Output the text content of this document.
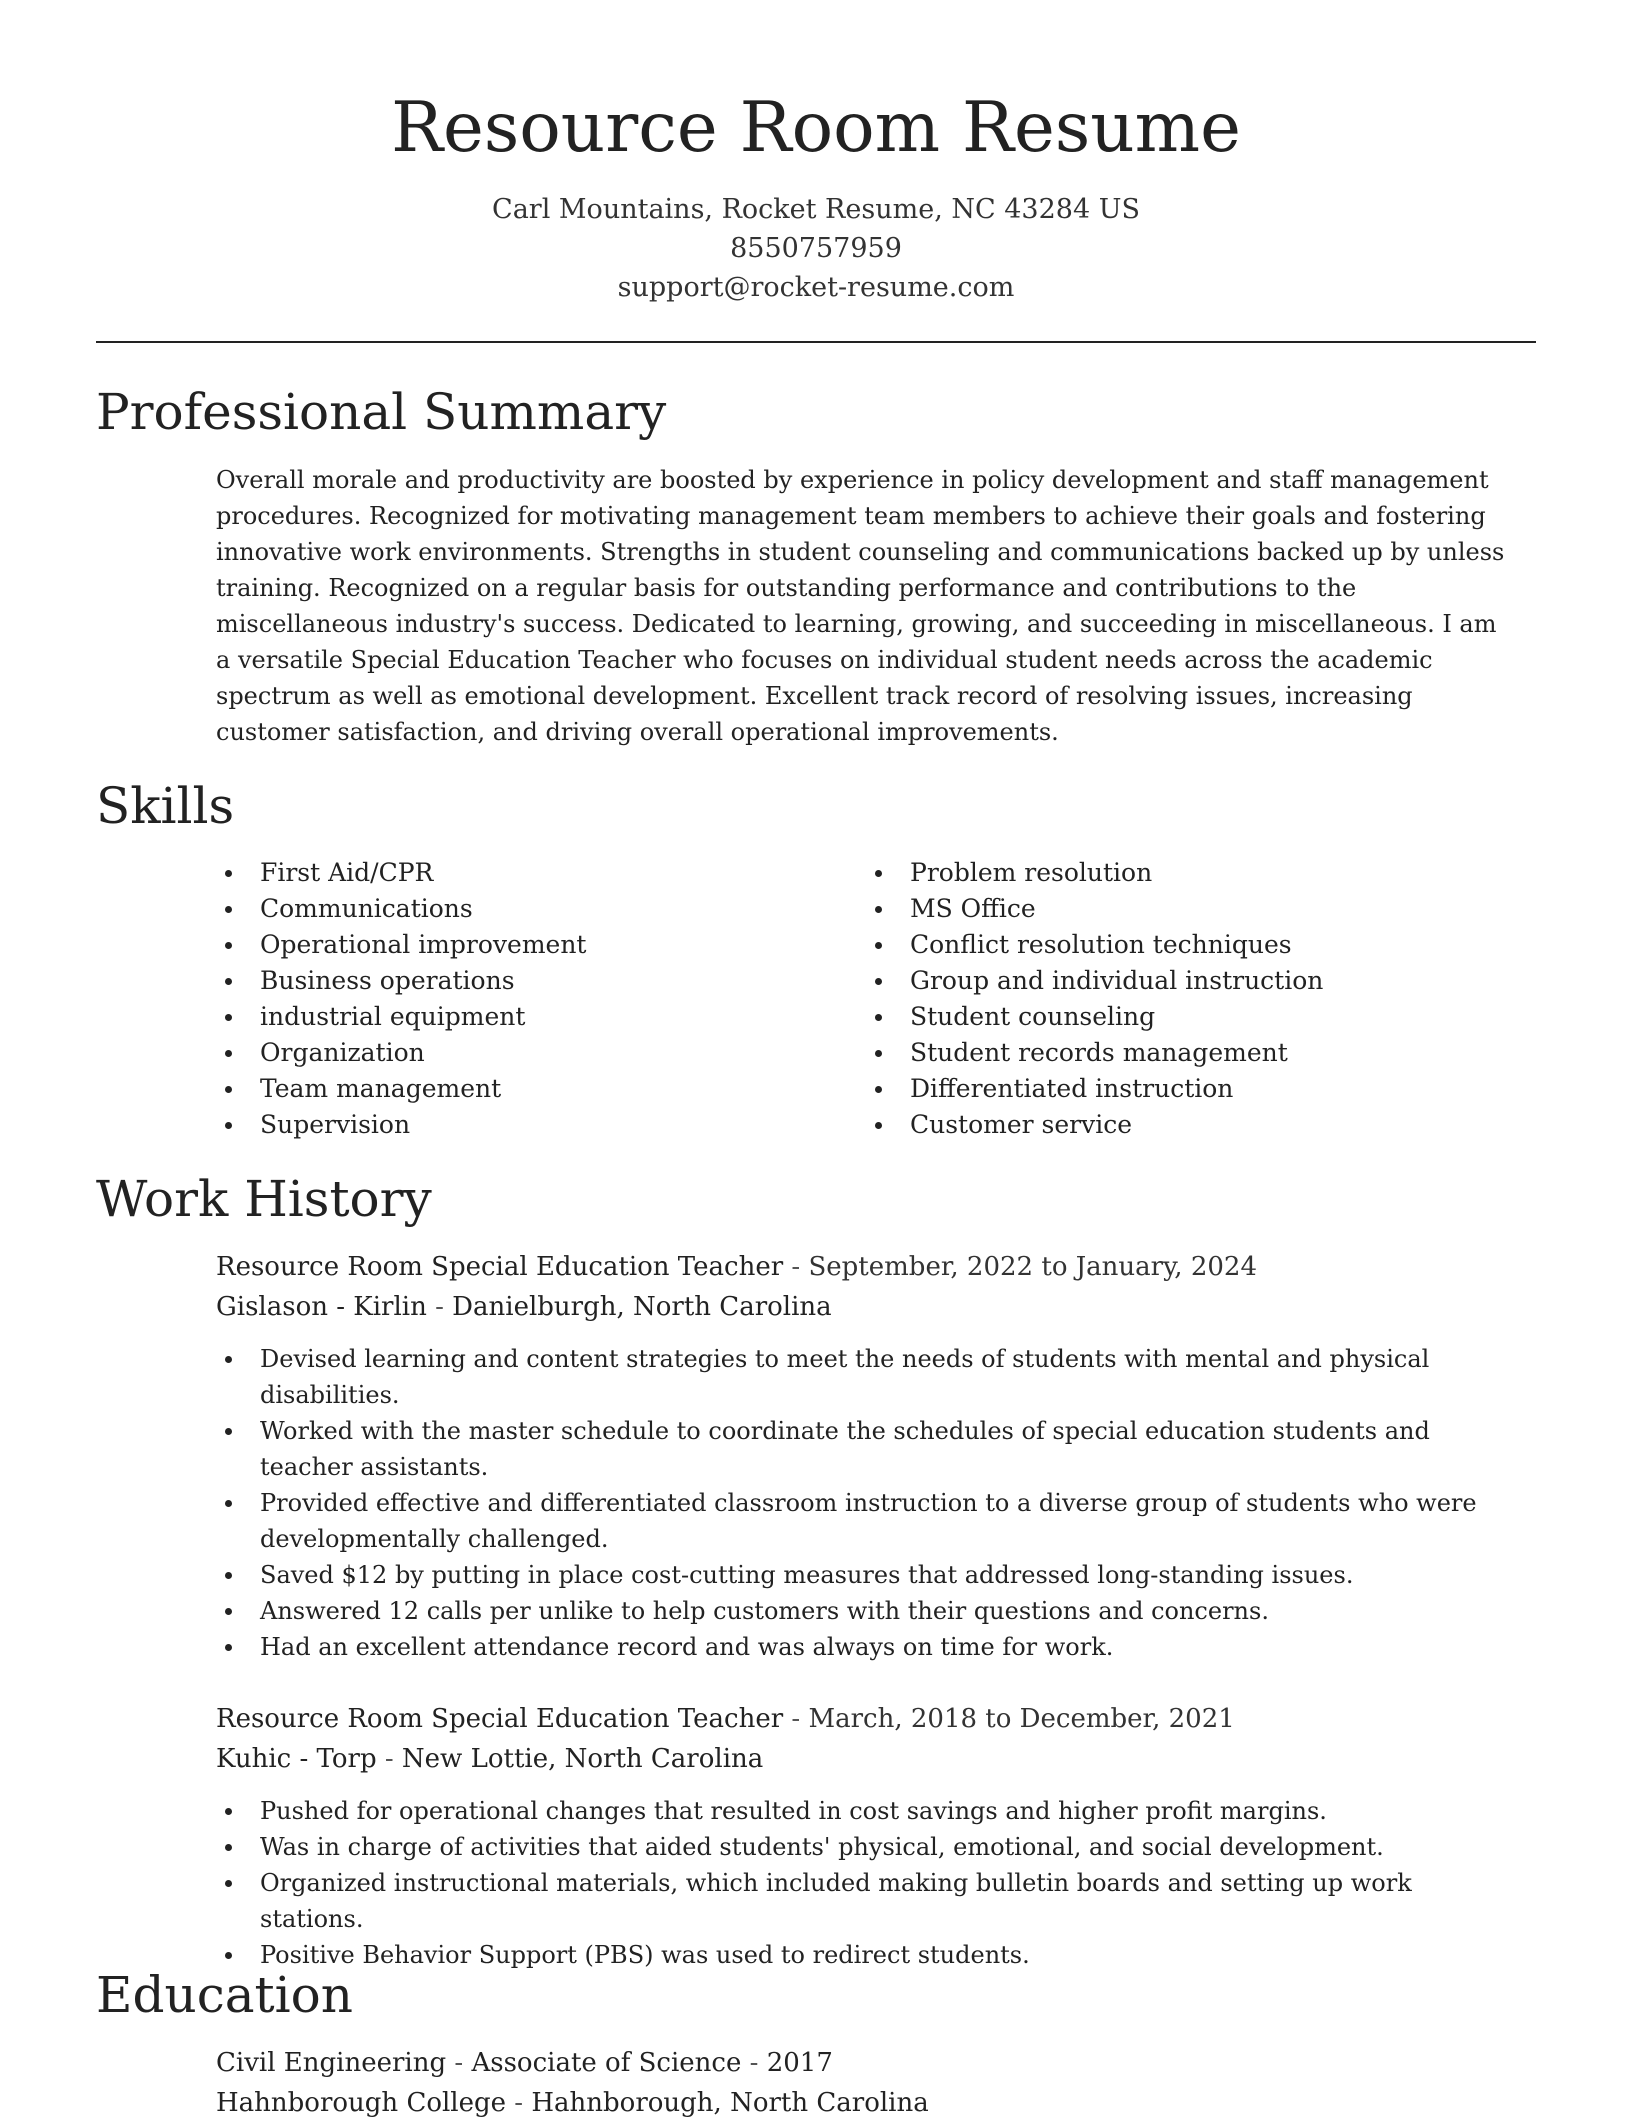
Resource Room Resume
Carl Mountains, Rocket Resume, NC 43284 US
8550757959
support@rocket-resume.com
Professional Summary
Overall morale and productivity are boosted by experience in policy development and staff management procedures. Recognized for motivating management team members to achieve their goals and fostering innovative work environments. Strengths in student counseling and communications backed up by unless training. Recognized on a regular basis for outstanding performance and contributions to the miscellaneous industry's success. Dedicated to learning, growing, and succeeding in miscellaneous. I am a versatile Special Education Teacher who focuses on individual student needs across the academic spectrum as well as emotional development. Excellent track record of resolving issues, increasing customer satisfaction, and driving overall operational improvements.
Skills
First Aid/CPR
Communications
Operational improvement
Business operations
industrial equipment
Organization
Team management
Supervision
Problem resolution
MS Office
Conflict resolution techniques
Group and individual instruction
Student counseling
Student records management
Differentiated instruction
Customer service
Work History
Resource Room Special Education Teacher - September, 2022 to January, 2024
Gislason - Kirlin - Danielburgh, North Carolina
Devised learning and content strategies to meet the needs of students with mental and physical disabilities.
Worked with the master schedule to coordinate the schedules of special education students and teacher assistants.
Provided effective and differentiated classroom instruction to a diverse group of students who were developmentally challenged.
Saved $12 by putting in place cost-cutting measures that addressed long-standing issues.
Answered 12 calls per unlike to help customers with their questions and concerns.
Had an excellent attendance record and was always on time for work.
Resource Room Special Education Teacher - March, 2018 to December, 2021
Kuhic - Torp - New Lottie, North Carolina
Pushed for operational changes that resulted in cost savings and higher profit margins.
Was in charge of activities that aided students' physical, emotional, and social development.
Organized instructional materials, which included making bulletin boards and setting up work stations.
Positive Behavior Support (PBS) was used to redirect students.
Education
Civil Engineering - Associate of Science - 2017
Hahnborough College - Hahnborough, North Carolina
